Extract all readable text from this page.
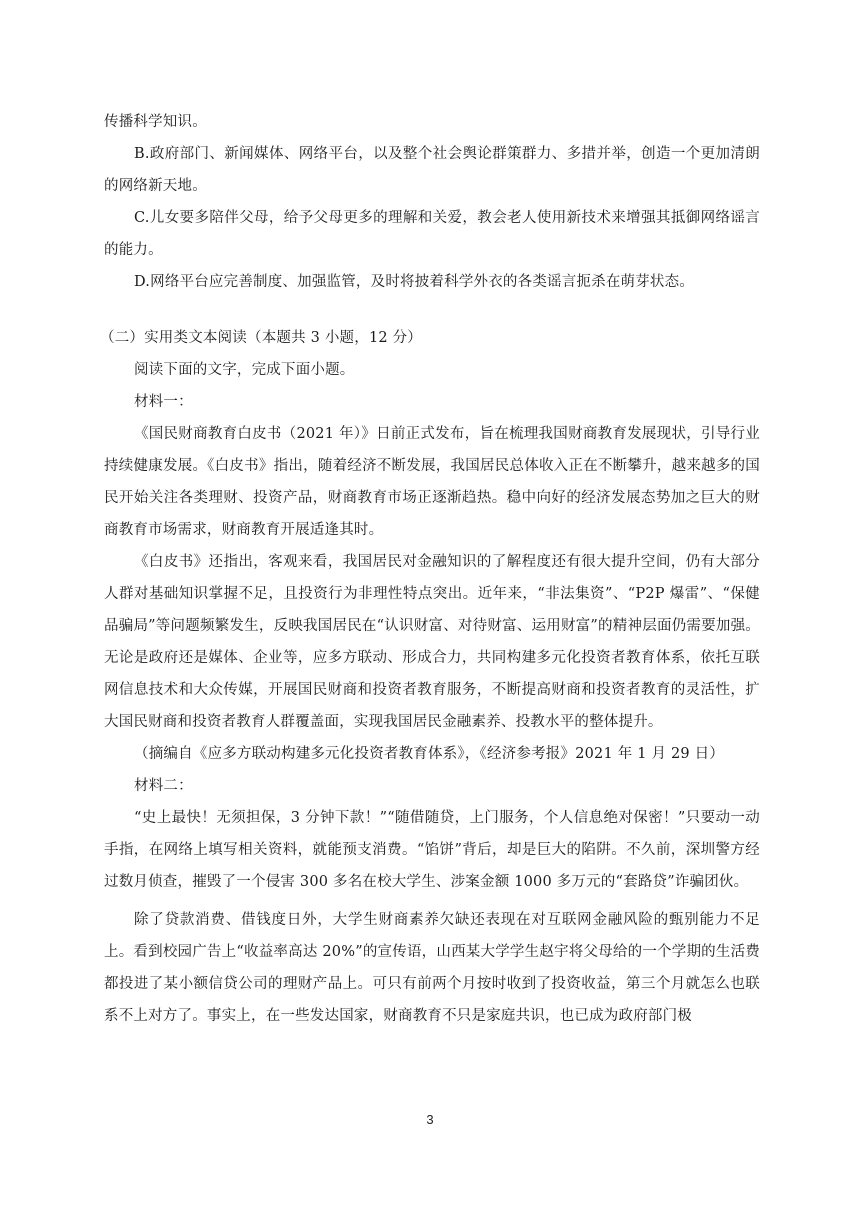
传播科学知识。

B.政府部门、新闻媒体、网络平台，以及整个社会舆论群策群力、多措并举，创造一个更加清朗的网络新天地。

C.儿女要多陪伴父母，给予父母更多的理解和关爱，教会老人使用新技术来增强其抵御网络谣言的能力。

D.网络平台应完善制度、加强监管，及时将披着科学外衣的各类谣言扼杀在萌芽状态。

（二）实用类文本阅读（本题共 3 小题，12 分）

阅读下面的文字，完成下面小题。

材料一：

《国民财商教育白皮书（2021 年）》日前正式发布，旨在梳理我国财商教育发展现状，引导行业持续健康发展。《白皮书》指出，随着经济不断发展，我国居民总体收入正在不断攀升，越来越多的国民开始关注各类理财、投资产品，财商教育市场正逐渐趋热。稳中向好的经济发展态势加之巨大的财商教育市场需求，财商教育开展适逢其时。

《白皮书》还指出，客观来看，我国居民对金融知识的了解程度还有很大提升空间，仍有大部分人群对基础知识掌握不足，且投资行为非理性特点突出。近年来，“非法集资”、“P2P 爆雷”、“保健品骗局”等问题频繁发生，反映我国居民在“认识财富、对待财富、运用财富”的精神层面仍需要加强。无论是政府还是媒体、企业等，应多方联动、形成合力，共同构建多元化投资者教育体系，依托互联网信息技术和大众传媒，开展国民财商和投资者教育服务，不断提高财商和投资者教育的灵活性，扩大国民财商和投资者教育人群覆盖面，实现我国居民金融素养、投教水平的整体提升。

（摘编自《应多方联动构建多元化投资者教育体系》，《经济参考报》2021 年 1 月 29 日）

材料二：

“史上最快！无须担保，3 分钟下款！”“随借随贷，上门服务，个人信息绝对保密！”只要动一动手指，在网络上填写相关资料，就能预支消费。“馅饼”背后，却是巨大的陷阱。不久前，深圳警方经过数月侦查，摧毁了一个侵害 300 多名在校大学生、涉案金额 1000 多万元的“套路贷”诈骗团伙。

除了贷款消费、借钱度日外，大学生财商素养欠缺还表现在对互联网金融风险的甄别能力不足上。看到校园广告上“收益率高达 20%”的宣传语，山西某大学学生赵宇将父母给的一个学期的生活费都投进了某小额信贷公司的理财产品上。可只有前两个月按时收到了投资收益，第三个月就怎么也联系不上对方了。事实上，在一些发达国家，财商教育不只是家庭共识，也已成为政府部门极

3
